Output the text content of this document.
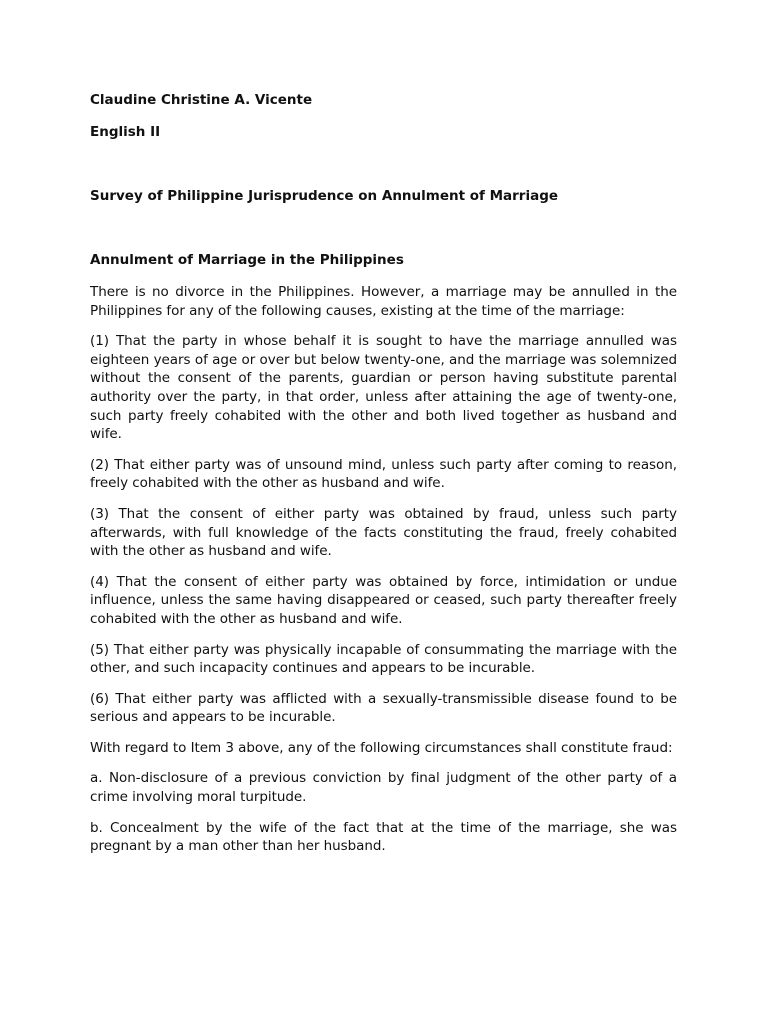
Claudine Christine A. Vicente

English II

Survey of Philippine Jurisprudence on Annulment of Marriage

Annulment of Marriage in the Philippines

There is no divorce in the Philippines. However, a marriage may be annulled in the Philippines for any of the following causes, existing at the time of the marriage:

(1) That the party in whose behalf it is sought to have the marriage annulled was eighteen years of age or over but below twenty-one, and the marriage was solemnized without the consent of the parents, guardian or person having substitute parental authority over the party, in that order, unless after attaining the age of twenty-one, such party freely cohabited with the other and both lived together as husband and wife.

(2) That either party was of unsound mind, unless such party after coming to reason, freely cohabited with the other as husband and wife.

(3) That the consent of either party was obtained by fraud, unless such party afterwards, with full knowledge of the facts constituting the fraud, freely cohabited with the other as husband and wife.

(4) That the consent of either party was obtained by force, intimidation or undue influence, unless the same having disappeared or ceased, such party thereafter freely cohabited with the other as husband and wife.

(5) That either party was physically incapable of consummating the marriage with the other, and such incapacity continues and appears to be incurable.

(6) That either party was afflicted with a sexually-transmissible disease found to be serious and appears to be incurable.

With regard to Item 3 above, any of the following circumstances shall constitute fraud:

a. Non-disclosure of a previous conviction by final judgment of the other party of a crime involving moral turpitude.

b. Concealment by the wife of the fact that at the time of the marriage, she was pregnant by a man other than her husband.
